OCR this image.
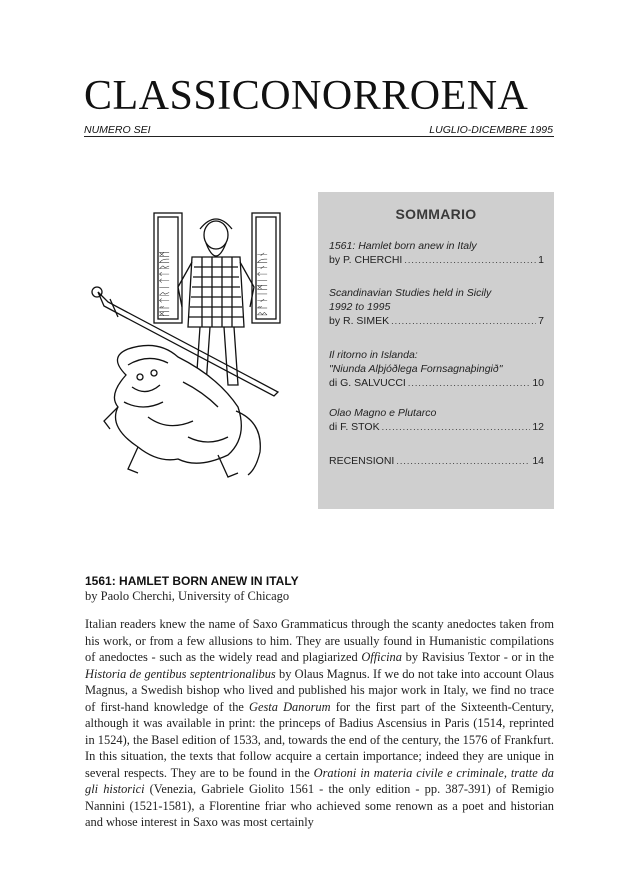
CLASSICONORROENA
NUMERO SEI	LUGLIO-DICEMBRE 1995
ᛗᚨᛏᚱᛁᛏᛏᚱᚢᛗ	ᛒᚨᚾᛁᛗᛁᛏᚾᚢᚾ
SOMMARIO
1561: Hamlet born anew in Italy
by P. CHERCHI .....	1
Scandinavian Studies held in Sicily
1992 to 1995
by R. SIMEK .....	7
Il ritorno in Islanda:
"Niunda Alþjóðlega Fornsagnaþingið"
di G. SALVUCCI .....	10
Olao Magno e Plutarco
di F. STOK .....	12
RECENSIONI .....	14
1561: HAMLET BORN ANEW IN ITALY
by Paolo Cherchi, University of Chicago
Italian readers knew the name of Saxo Grammaticus through the scanty anedoctes taken from his work, or from a few allusions to him. They are usually found in Humanistic compilations of anedoctes - such as the widely read and plagiarized Officina by Ravisius Textor - or in the Historia de gentibus septentrionalibus by Olaus Magnus. If we do not take into account Olaus Magnus, a Swedish bishop who lived and published his major work in Italy, we find no trace of first-hand knowledge of the Gesta Danorum for the first part of the Sixteenth-Century, although it was available in print: the princeps of Badius Ascensius in Paris (1514, reprinted in 1524), the Basel edition of 1533, and, towards the end of the century, the 1576 of Frankfurt. In this situation, the texts that follow acquire a certain importance; indeed they are unique in several respects. They are to be found in the Orationi in materia civile e criminale, tratte da gli historici (Venezia, Gabriele Giolito 1561 - the only edition - pp. 387-391) of Remigio Nannini (1521-1581), a Florentine friar who achieved some renown as a poet and historian and whose interest in Saxo was most certainly
